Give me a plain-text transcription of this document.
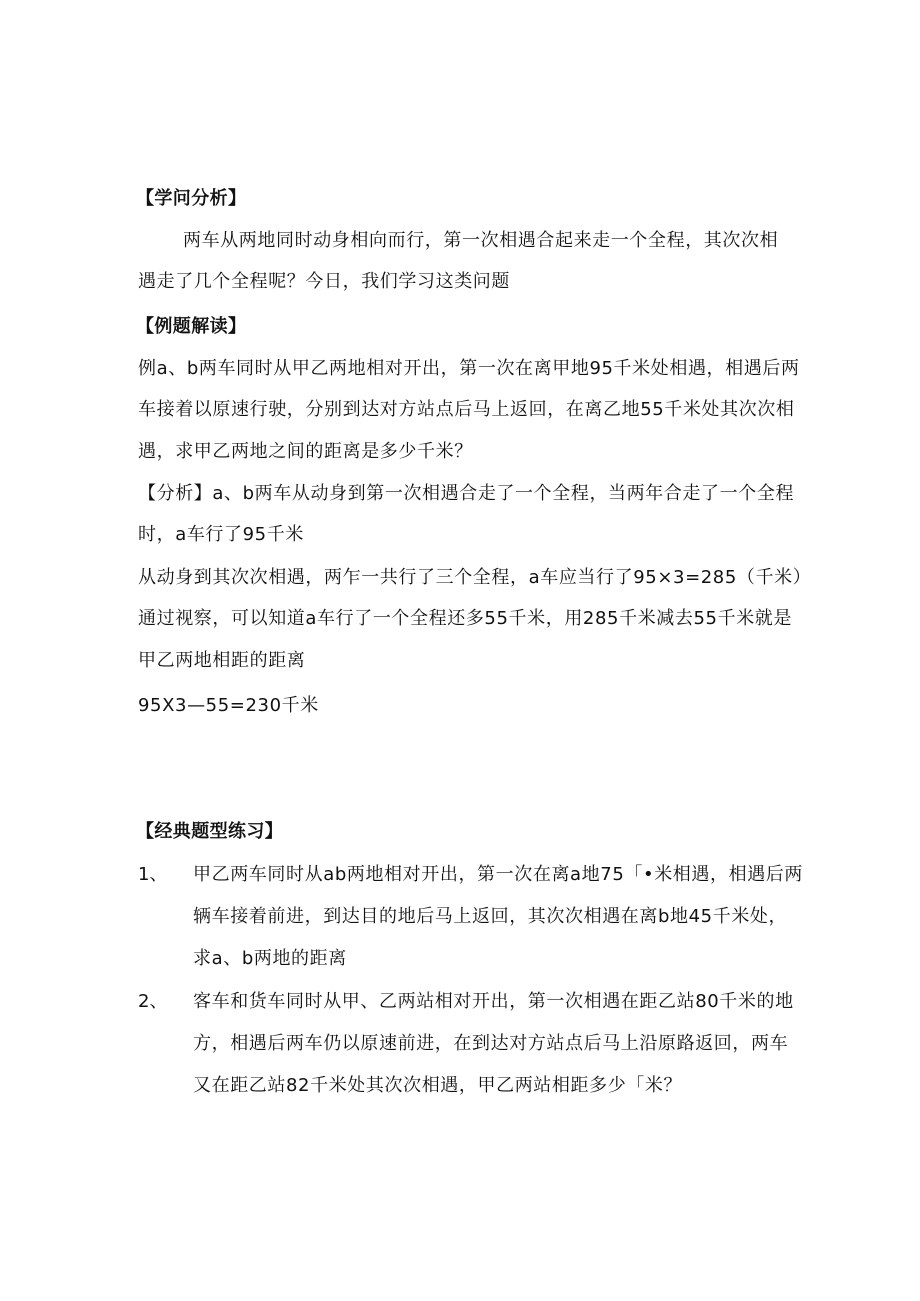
【学问分析】
两车从两地同时动身相向而行，第一次相遇合起来走一个全程，其次次相
遇走了几个全程呢？今日，我们学习这类问题
【例题解读】
例a、b两车同时从甲乙两地相对开出，第一次在离甲地95千米处相遇，相遇后两
车接着以原速行驶，分别到达对方站点后马上返回，在离乙地55千米处其次次相
遇，求甲乙两地之间的距离是多少千米？
【分析】a、b两车从动身到第一次相遇合走了一个全程，当两年合走了一个全程
时，a车行了95千米
从动身到其次次相遇，两乍一共行了三个全程，a车应当行了95×3=285（千米）
通过视察，可以知道a车行了一个全程还多55千米，用285千米减去55千米就是
甲乙两地相距的距离
95X3—55=230千米
【经典题型练习】
1、 甲乙两车同时从ab两地相对开出，第一次在离a地75「•米相遇，相遇后两
辆车接着前进，到达目的地后马上返回，其次次相遇在离b地45千米处，
求a、b两地的距离
2、 客车和货车同时从甲、乙两站相对开出，第一次相遇在距乙站80千米的地
方，相遇后两车仍以原速前进，在到达对方站点后马上沿原路返回，两车
又在距乙站82千米处其次次相遇，甲乙两站相距多少「米？
